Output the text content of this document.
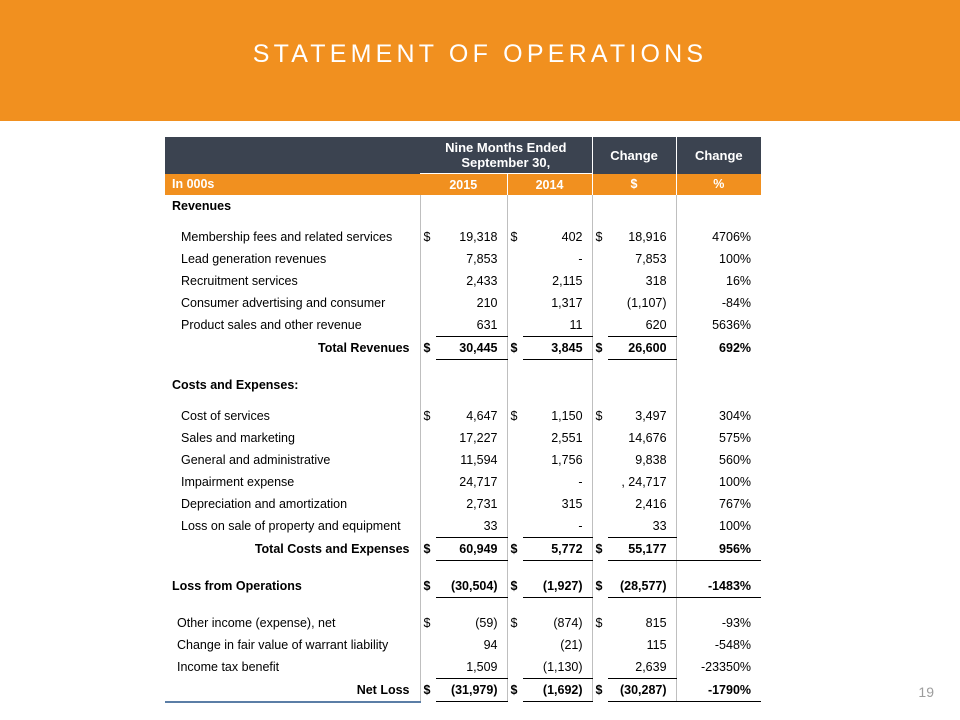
STATEMENT OF OPERATIONS
	Nine Months Ended September 30,				Change		Change
In 000s	2015		2014		$		%
Revenues							

Membership fees and related services	$	19,318	$	402	$	18,916	4706%
Lead generation revenues		7,853		-		7,853	100%
Recruitment services		2,433		2,115		318	16%
Consumer advertising and consumer		210		1,317		(1,107)	-84%
Product sales and other revenue		631		11		620	5636%
Total Revenues	$	30,445	$	3,845	$	26,600	692%

Costs and Expenses:							

Cost of services	$	4,647	$	1,150	$	3,497	304%
Sales and marketing		17,227		2,551		14,676	575%
General and administrative		11,594		1,756		9,838	560%
Impairment expense		24,717		-		, 24,717	100%
Depreciation and amortization		2,731		315		2,416	767%
Loss on sale of property and equipment		33		-		33	100%
Total Costs and Expenses	$	60,949	$	5,772	$	55,177	956%

Loss from Operations	$	(30,504)	$	(1,927)	$	(28,577)	-1483%

Other income (expense), net	$	(59)	$	(874)	$	815	-93%
Change in fair value of warrant liability		94		(21)		115	-548%
Income tax benefit		1,509		(1,130)		2,639	-23350%
Net Loss	$	(31,979)	$	(1,692)	$	(30,287)	-1790%	19
